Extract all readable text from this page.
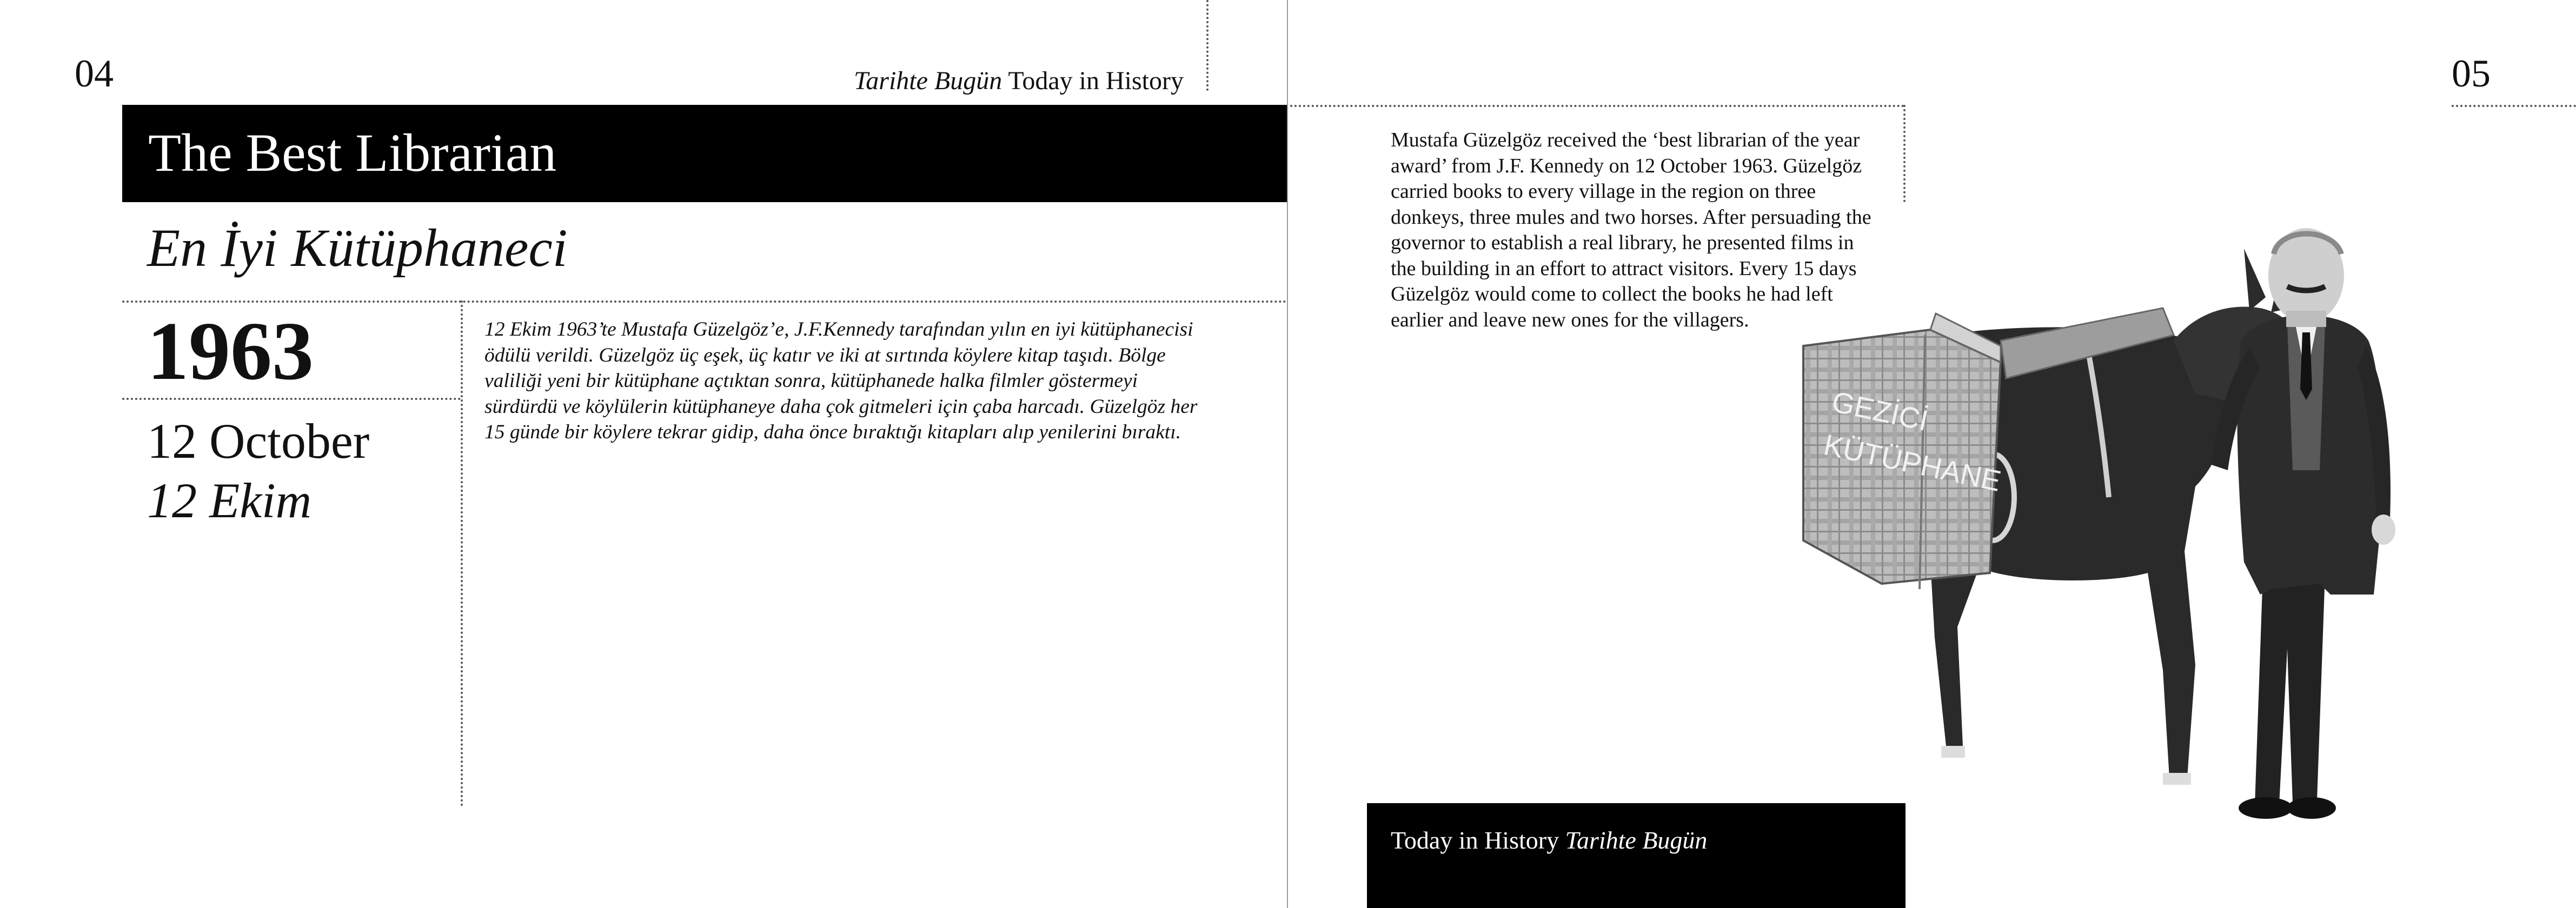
04	Tarihte Bugün Today in History
The Best Librarian
En İyi Kütüphaneci
1963
12 October
12 Ekim
12 Ekim 1963’te Mustafa Güzelgöz’e, J.F.Kennedy tarafından yılın en iyi kütüphanecisi ödülü verildi. Güzelgöz üç eşek, üç katır ve iki at sırtında köylere kitap taşıdı. Bölge valiliği yeni bir kütüphane açtıktan sonra, kütüphanede halka filmler göstermeyi sürdürdü ve köylülerin kütüphaneye daha çok gitmeleri için çaba harcadı. Güzelgöz her 15 günde bir köylere tekrar gidip, daha önce bıraktığı kitapları alıp yenilerini bıraktı.
05
Mustafa Güzelgöz received the ‘best librarian of the year award’ from J.F. Kennedy on 12 October 1963. Güzelgöz carried books to every village in the region on three donkeys, three mules and two horses. After persuading the governor to establish a real library, he presented films in the building in an effort to attract visitors. Every 15 days Güzelgöz would come to collect the books he had left earlier and leave new ones for the villagers.
GEZİCİ
KÜTÜPHANE
Today in History Tarihte Bugün
